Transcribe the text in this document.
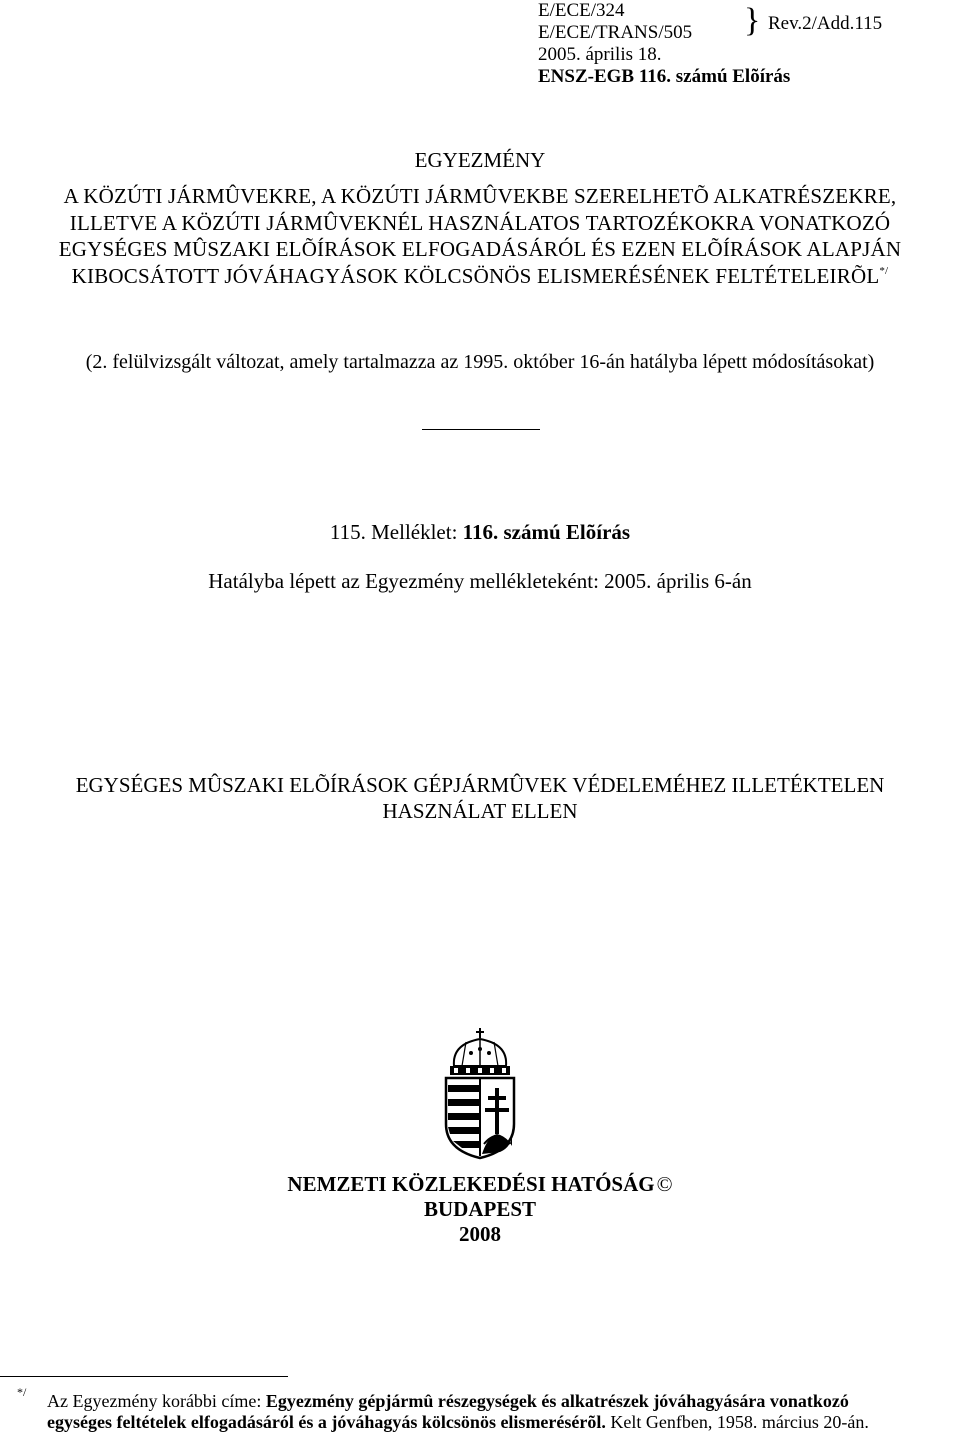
E/ECE/324
E/ECE/TRANS/505 } Rev.2/Add.115
2005. április 18.
ENSZ-EGB 116. számú Elõírás
EGYEZMÉNY
A KÖZÚTI JÁRMÛVEKRE, A KÖZÚTI JÁRMÛVEKBE SZERELHETÕ ALKATRÉSZEKRE,
ILLETVE A KÖZÚTI JÁRMÛVEKNÉL HASZNÁLATOS TARTOZÉKOKRA VONATKOZÓ
EGYSÉGES MÛSZAKI ELÕÍRÁSOK ELFOGADÁSÁRÓL ÉS EZEN ELÕÍRÁSOK ALAPJÁN
KIBOCSÁTOTT JÓVÁHAGYÁSOK KÖLCSÖNÖS ELISMERÉSÉNEK FELTÉTELEIRÕL*/
(2. felülvizsgált változat, amely tartalmazza az 1995. október 16-án hatályba lépett módosításokat)
115. Melléklet: 116. számú Elõírás
Hatályba lépett az Egyezmény mellékleteként: 2005. április 6-án
EGYSÉGES MÛSZAKI ELÕÍRÁSOK GÉPJÁRMÛVEK VÉDELEMÉHEZ ILLETÉKTELEN
HASZNÁLAT ELLEN
NEMZETI KÖZLEKEDÉSI HATÓSÁG©
BUDAPEST
2008
*/ Az Egyezmény korábbi címe: Egyezmény gépjármû részegységek és alkatrészek jóváhagyására vonatkozó
egységes feltételek elfogadásáról és a jóváhagyás kölcsönös elismerésérõl. Kelt Genfben, 1958. március 20-án.
